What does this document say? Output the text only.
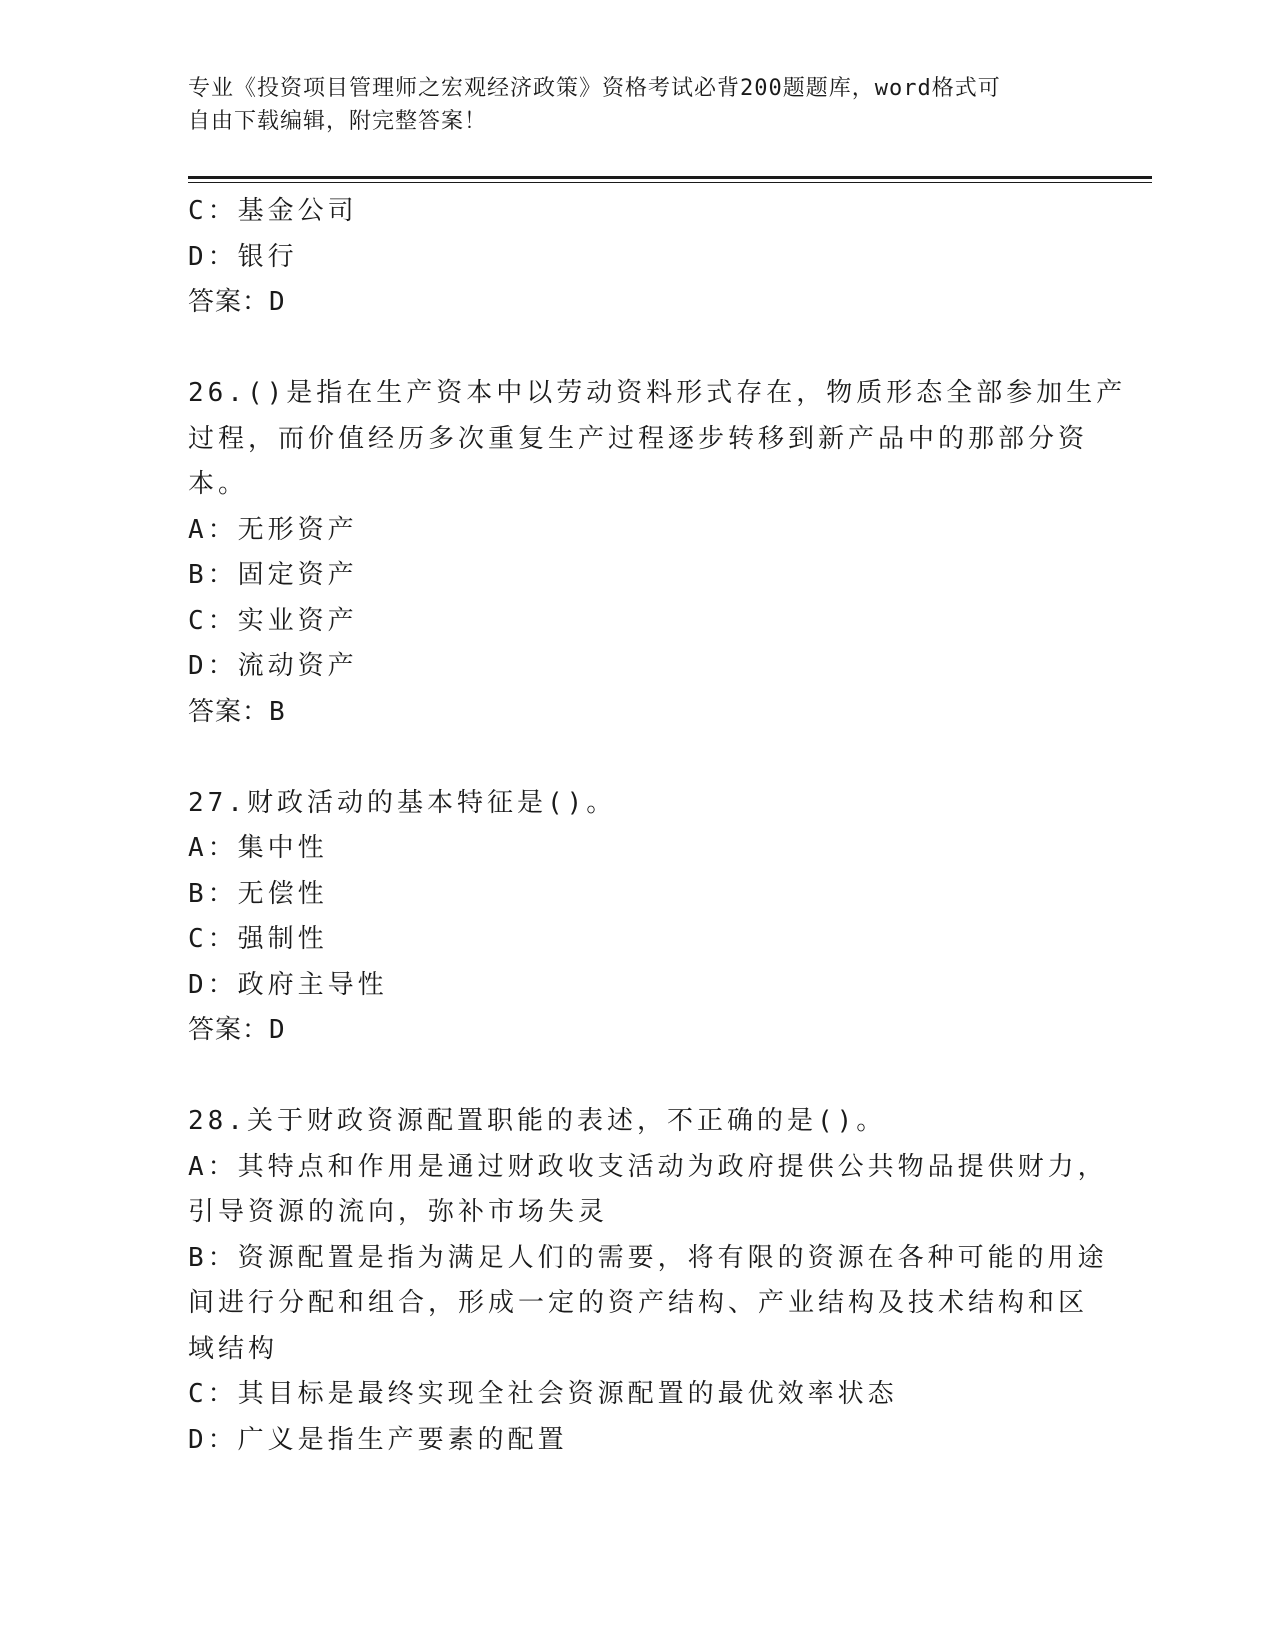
专业《投资项目管理师之宏观经济政策》资格考试必背200题题库，word格式可

自由下载编辑，附完整答案！

C：基金公司

D：银行

答案：D

26.()是指在生产资本中以劳动资料形式存在，物质形态全部参加生产

过程，而价值经历多次重复生产过程逐步转移到新产品中的那部分资

本。

A：无形资产

B：固定资产

C：实业资产

D：流动资产

答案：B

27.财政活动的基本特征是()。

A：集中性

B：无偿性

C：强制性

D：政府主导性

答案：D

28.关于财政资源配置职能的表述，不正确的是()。

A：其特点和作用是通过财政收支活动为政府提供公共物品提供财力，

引导资源的流向，弥补市场失灵

B：资源配置是指为满足人们的需要，将有限的资源在各种可能的用途

间进行分配和组合，形成一定的资产结构、产业结构及技术结构和区

域结构

C：其目标是最终实现全社会资源配置的最优效率状态

D：广义是指生产要素的配置
